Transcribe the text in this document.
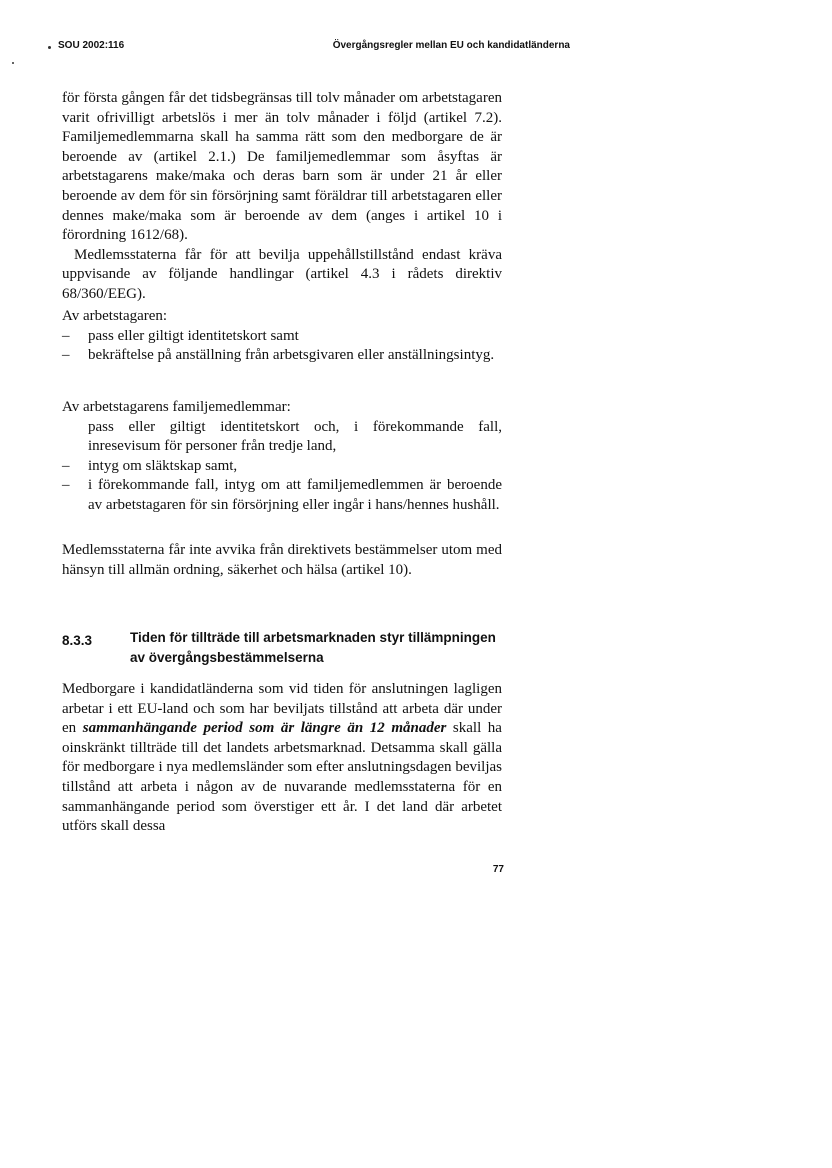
SOU 2002:116	Övergångsregler mellan EU och kandidatländerna

för första gången får det tidsbegränsas till tolv månader om arbetstagaren varit ofrivilligt arbetslös i mer än tolv månader i följd (artikel 7.2). Familjemedlemmarna skall ha samma rätt som den medborgare de är beroende av (artikel 2.1.) De familjemedlemmar som åsyftas är arbetstagarens make/maka och deras barn som är under 21 år eller beroende av dem för sin försörjning samt föräldrar till arbetstagaren eller dennes make/maka som är beroende av dem (anges i artikel 10 i förordning 1612/68).

Medlemsstaterna får för att bevilja uppehållstillstånd endast kräva uppvisande av följande handlingar (artikel 4.3 i rådets direktiv 68/360/EEG).

Av arbetstagaren:

– pass eller giltigt identitetskort samt
– bekräftelse på anställning från arbetsgivaren eller anställningsintyg.

Av arbetstagarens familjemedlemmar:

pass eller giltigt identitetskort och, i förekommande fall, inresevisum för personer från tredje land,
– intyg om släktskap samt,
– i förekommande fall, intyg om att familjemedlemmen är beroende av arbetstagaren för sin försörjning eller ingår i hans/hennes hushåll.

Medlemsstaterna får inte avvika från direktivets bestämmelser utom med hänsyn till allmän ordning, säkerhet och hälsa (artikel 10).

8.3.3	Tiden för tillträde till arbetsmarknaden styr tillämpningen av övergångsbestämmelserna

Medborgare i kandidatländerna som vid tiden för anslutningen lagligen arbetar i ett EU-land och som har beviljats tillstånd att arbeta där under en sammanhängande period som är längre än 12 månader skall ha oinskränkt tillträde till det landets arbetsmarknad. Detsamma skall gälla för medborgare i nya medlemsländer som efter anslutningsdagen beviljas tillstånd att arbeta i någon av de nuvarande medlemsstaterna för en sammanhängande period som överstiger ett år. I det land där arbetet utförs skall dessa

77
